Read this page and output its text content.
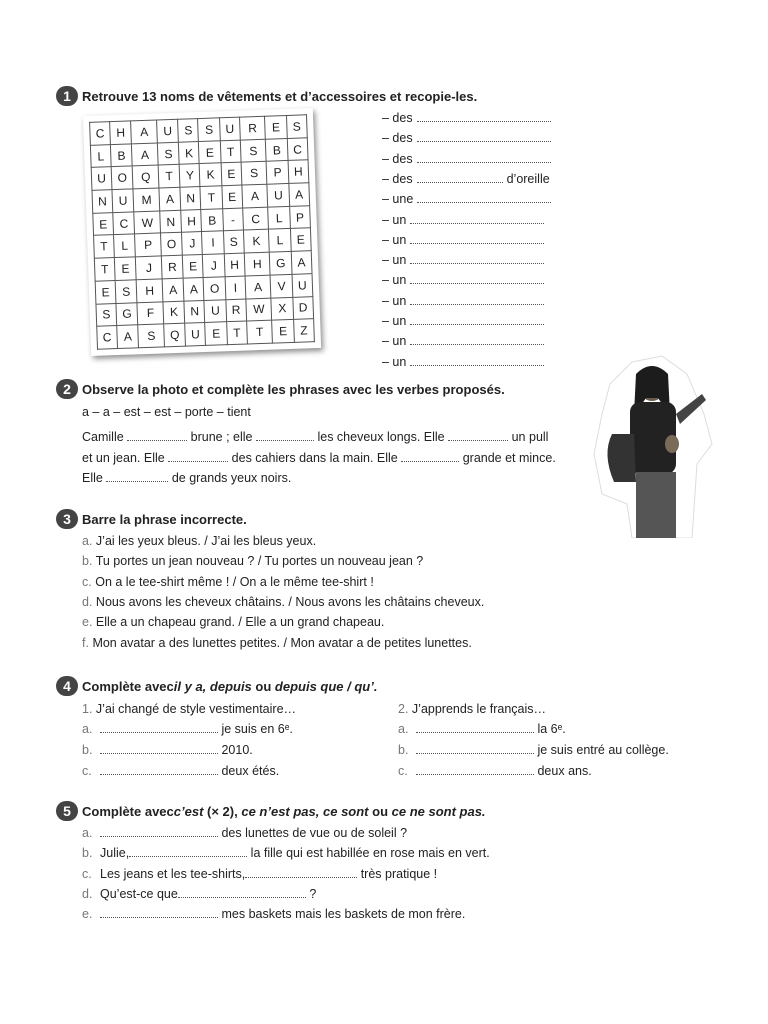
1 Retrouve 13 noms de vêtements et d’accessoires et recopie-les.
C	H	A	U	S	S	U	R	E	S
L	B	A	S	K	E	T	S	B	C
U	O	Q	T	Y	K	E	S	P	H
N	U	M	A	N	T	E	A	U	A
E	C	W	N	H	B	-	C	L	P
T	L	P	O	J	I	S	K	L	E
T	E	J	R	E	J	H	H	G	A
E	S	H	A	A	O	I	A	V	U
S	G	F	K	N	U	R	W	X	D
C	A	S	Q	U	E	T	T	E	Z
– des
– des
– des
– des	d’oreille
– une
– un
– un
– un
– un
– un
– un
– un
– un
2 Observe la photo et complète les phrases avec les verbes proposés.
a – a – est – est – porte – tient
Camille	brune ; elle	les cheveux longs. Elle	un pull
et un jean. Elle	des cahiers dans la main. Elle	grande et mince.
Elle	de grands yeux noirs.
3 Barre la phrase incorrecte.
a. J’ai les yeux bleus. / J’ai les bleus yeux.
b. Tu portes un jean nouveau ? / Tu portes un nouveau jean ?
c. On a le tee-shirt même ! / On a le même tee-shirt !
d. Nous avons les cheveux châtains. / Nous avons les châtains cheveux.
e. Elle a un chapeau grand. / Elle a un grand chapeau.
f. Mon avatar a des lunettes petites. / Mon avatar a de petites lunettes.
4 Complète avec il y a, depuis ou depuis que / qu’.
1. J’ai changé de style vestimentaire…
a.	je suis en 6ᵉ.
b.	2010.
c.	deux étés.
2. J’apprends le français…
a.	la 6ᵉ.
b.	je suis entré au collège.
c.	deux ans.
5 Complète avec c’est (× 2), ce n’est pas, ce sont ou ce ne sont pas.
a.	des lunettes de vue ou de soleil ?
b. Julie,	la fille qui est habillée en rose mais en vert.
c. Les jeans et les tee-shirts,	très pratique !
d. Qu’est-ce que	?
e.	mes baskets mais les baskets de mon frère.
